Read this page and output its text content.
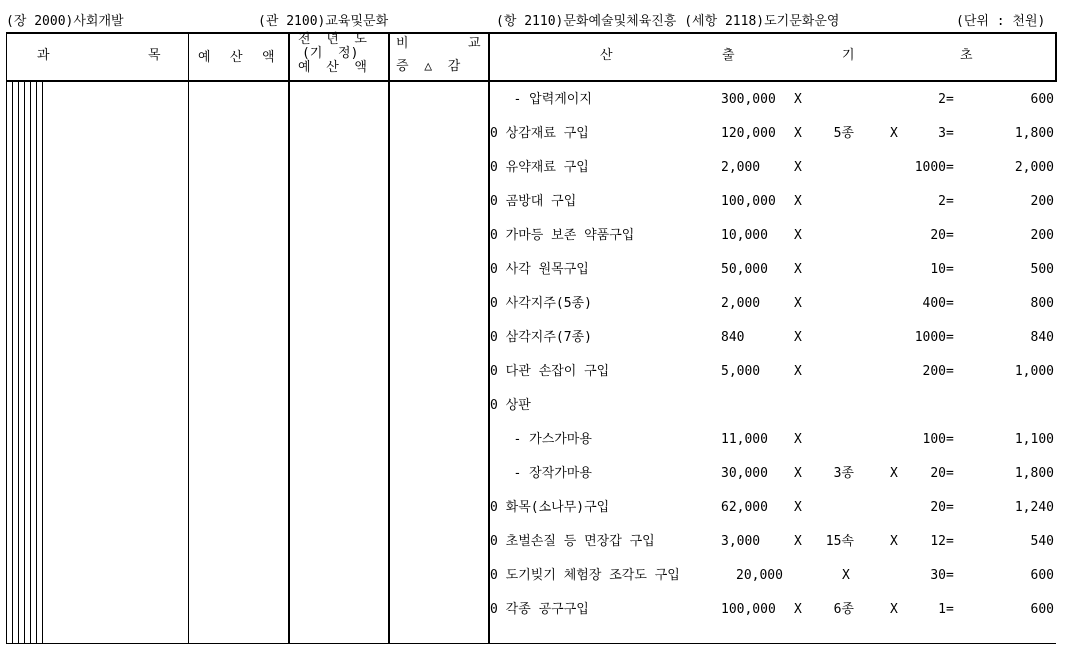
(장 2000)사회개발	(관 2100)교육및문화	(항 2110)문화예술및체육진흥 (세항 2118)도기문화운영	(단위 : 천원)
과	목	예 산 액
전  년  도
(기  정)
예  산  액
비	교
증  △  감
산	출	기	초
- 압력게이지	300,000 X	2 =	600
0 상감재료 구입	120,000 X	5종	X	3 =	1,800
0 유약재료 구입	2,000	X	1000 =	2,000
0 곰방대 구입	100,000 X	2 =	200
0 가마등 보존 약품구입	10,000 X	20 =	200
0 사각 원목구입	50,000 X	10 =	500
0 사각지주(5종)	2,000	X	400 =	800
0 삼각지주(7종)	840	X	1000 =	840
0 다관 손잡이 구입	5,000	X	200 =	1,000
0 상판
- 가스가마용	11,000 X	100 =	1,100
- 장작가마용	30,000 X	3종	X	20 =	1,800
0 화목(소나무)구입	62,000 X	20 =	1,240
0 초벌손질 등 면장갑 구입	3,000	X	15속	X	12 =	540
0 도기빚기 체험장 조각도 구입	20,000	X	30 =	600
0 각종 공구구입	100,000 X	6종	X	1 =	600
